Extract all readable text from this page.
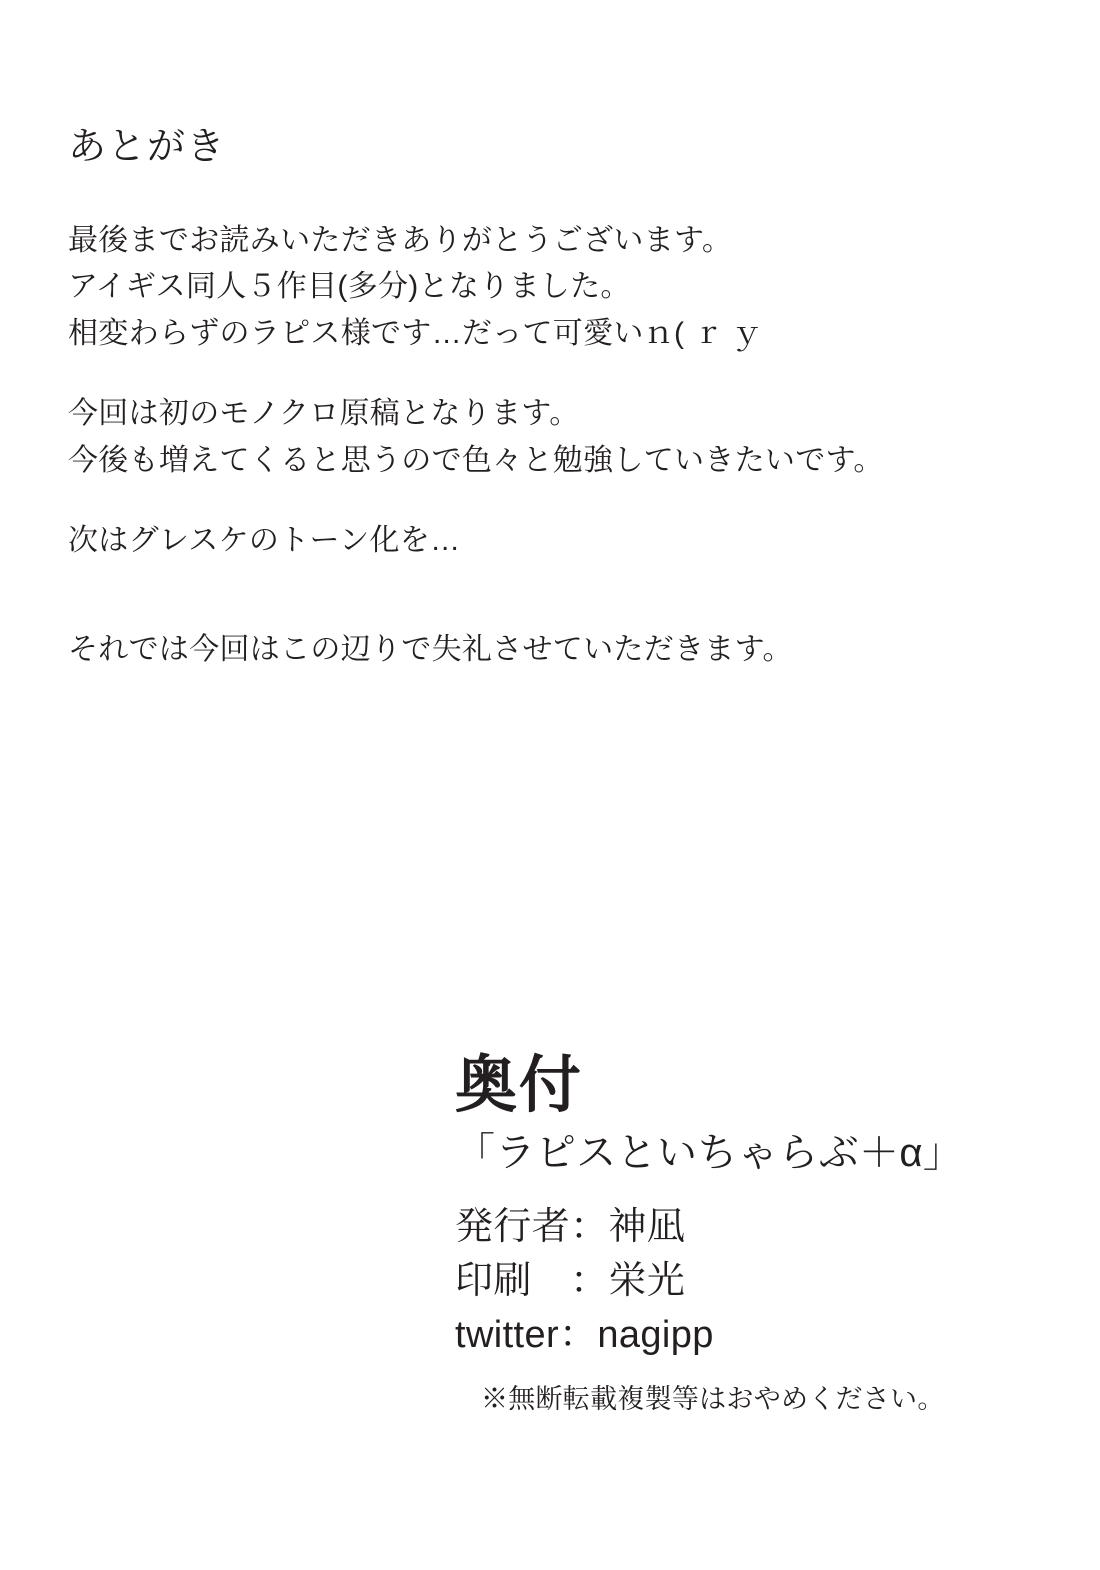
あとがき

最後までお読みいただきありがとうございます。
アイギス同人５作目(多分)となりました。
相変わらずのラピス様です…だって可愛いｎ( ｒ ｙ

今回は初のモノクロ原稿となります。
今後も増えてくると思うので色々と勉強していきたいです。

次はグレスケのトーン化を…

それでは今回はこの辺りで失礼させていただきます。

奥付
「ラピスといちゃらぶ＋α」
発行者：神凪
印刷　：栄光
twitter：nagipp
※無断転載複製等はおやめください。
